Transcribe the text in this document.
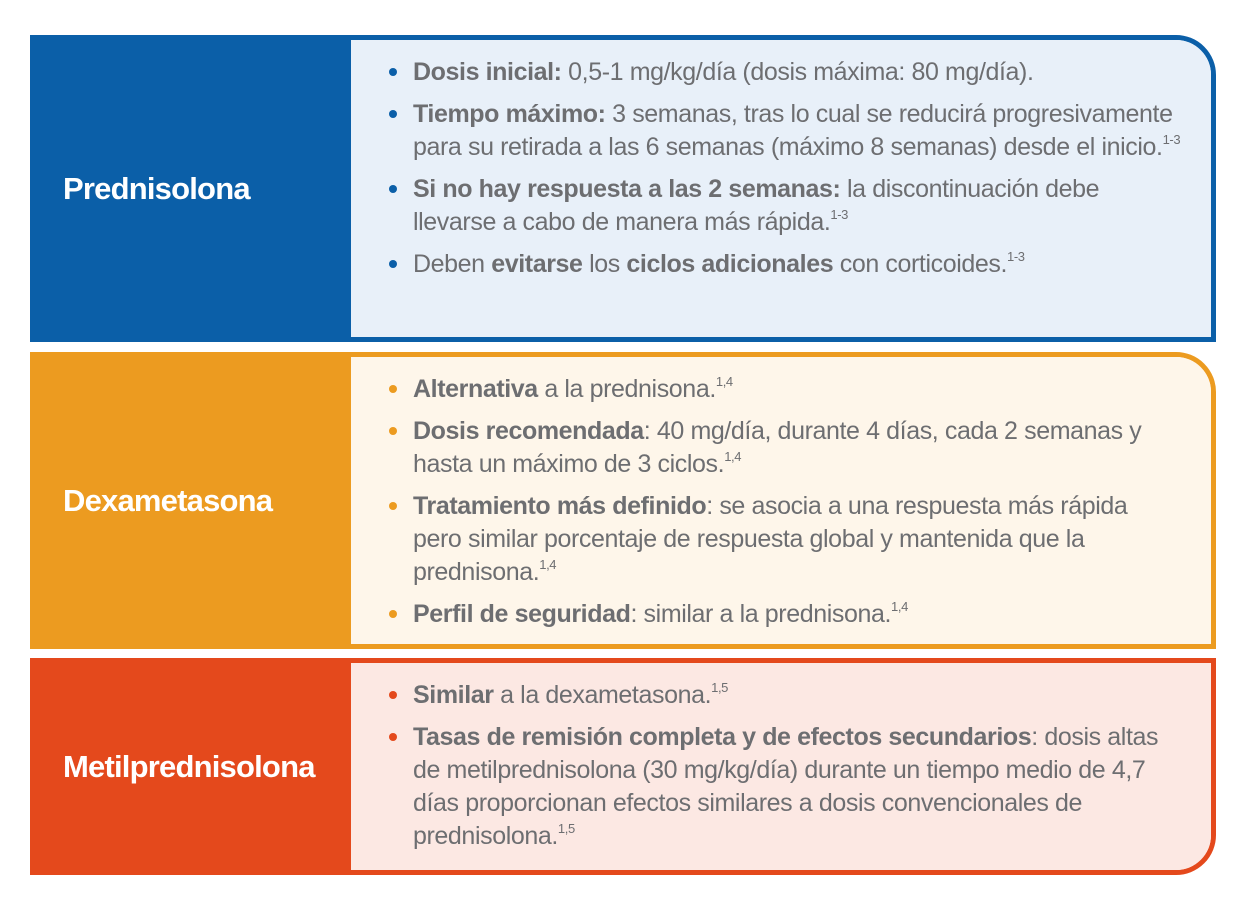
Prednisolona
Dosis inicial: 0,5-1 mg/kg/día (dosis máxima: 80 mg/día).
Tiempo máximo: 3 semanas, tras lo cual se reducirá progresivamente para su retirada a las 6 semanas (máximo 8 semanas) desde el inicio.$^{1-3}$
Si no hay respuesta a las 2 semanas: la discontinuación debe llevarse a cabo de manera más rápida.$^{1-3}$
Deben evitarse los ciclos adicionales con corticoides.$^{1-3}$
Dexametasona
Alternativa a la prednisona.$^{1,4}$
Dosis recomendada: 40 mg/día, durante 4 días, cada 2 semanas y hasta un máximo de 3 ciclos.$^{1,4}$
Tratamiento más definido: se asocia a una respuesta más rápida pero similar porcentaje de respuesta global y mantenida que la prednisona.$^{1,4}$
Perfil de seguridad: similar a la prednisona.$^{1,4}$
Metilprednisolona
Similar a la dexametasona.$^{1,5}$
Tasas de remisión completa y de efectos secundarios: dosis altas de metilprednisolona (30 mg/kg/día) durante un tiempo medio de 4,7 días proporcionan efectos similares a dosis convencionales de prednisolona.$^{1,5}$
